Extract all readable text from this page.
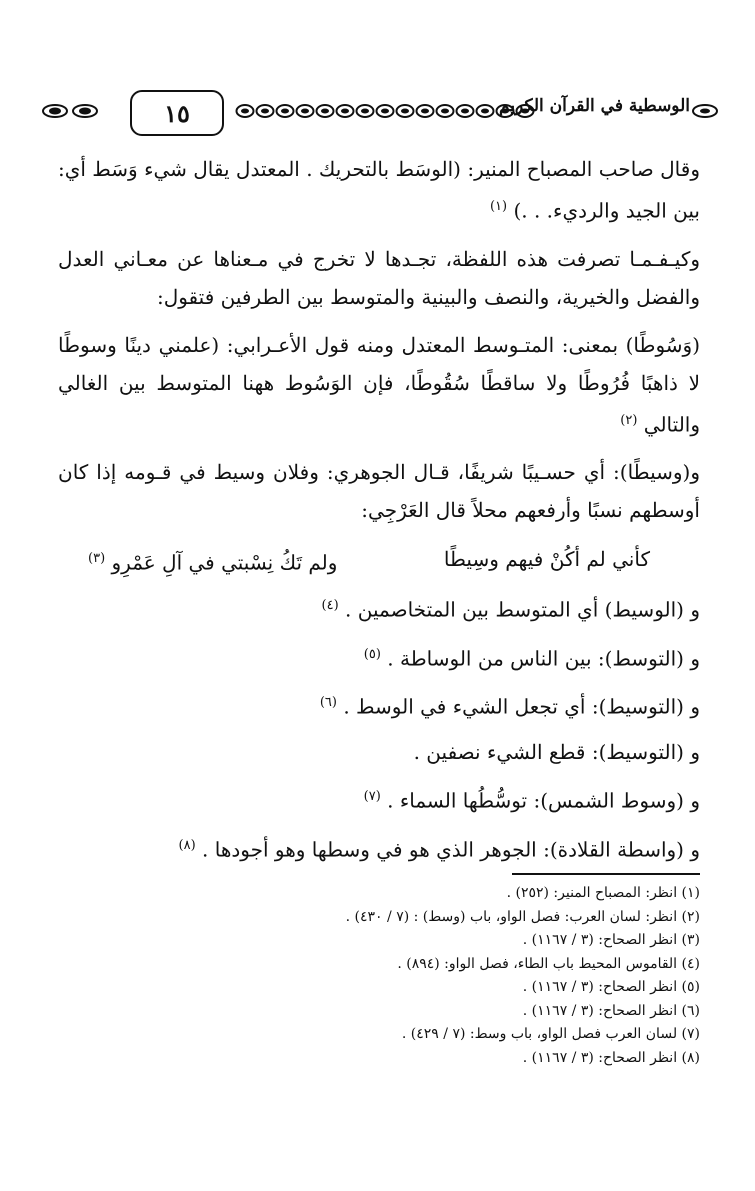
١٥	الوسطية في القرآن الكريم

وقال صاحب المصباح المنير: (الوسَط بالتحريك . المعتدل يقال شيء وَسَط أي: بين الجيد والرديء. . .) $^{(١)}$

وكيـفـمـا تصرفت هذه اللفظة، تجـدها لا تخرج في مـعناها عن معـاني العدل والفضل والخيرية، والنصف والبينية والمتوسط بين الطرفين فتقول:

(وَسُوطًا) بمعنى: المتـوسط المعتدل ومنه قول الأعـرابي: (علمني دينًا وسوطًا لا ذاهبًا فُرُوطًا ولا ساقطًا سُقُوطًا، فإن الوَسُوط ههنا المتوسط بين الغالي والتالي $^{(٢)}$

و(وسيطًا): أي حسـيبًا شريفًا، قـال الجوهري: وفلان وسيط في قـومه إذا كان أوسطهم نسبًا وأرفعهم محلاً قال العَرْجِي:

كأني لم أكُنْ فيهم وسِيطًا
ولم تَكُ نِسْبتي في آلِ عَمْرِو $^{(٣)}$

و (الوسيط) أي المتوسط بين المتخاصمين . $^{(٤)}$

و (التوسط): بين الناس من الوساطة . $^{(٥)}$

و (التوسيط): أي تجعل الشيء في الوسط . $^{(٦)}$

و (التوسيط): قطع الشيء نصفين .

و (وسوط الشمس): توسُّطُها السماء . $^{(٧)}$

و (واسطة القلادة): الجوهر الذي هو في وسطها وهو أجودها . $^{(٨)}$

(١) انظر: المصباح المنير: (٢٥٢) .
(٢) انظر: لسان العرب: فصل الواو، باب (وسط) : (٧ / ٤٣٠) .
(٣) انظر الصحاح: (٣ / ١١٦٧) .
(٤) القاموس المحيط باب الطاء، فصل الواو: (٨٩٤) .
(٥) انظر الصحاح: (٣ / ١١٦٧) .
(٦) انظر الصحاح: (٣ / ١١٦٧) .
(٧) لسان العرب فصل الواو، باب وسط: (٧ / ٤٢٩) .
(٨) انظر الصحاح: (٣ / ١١٦٧) .
